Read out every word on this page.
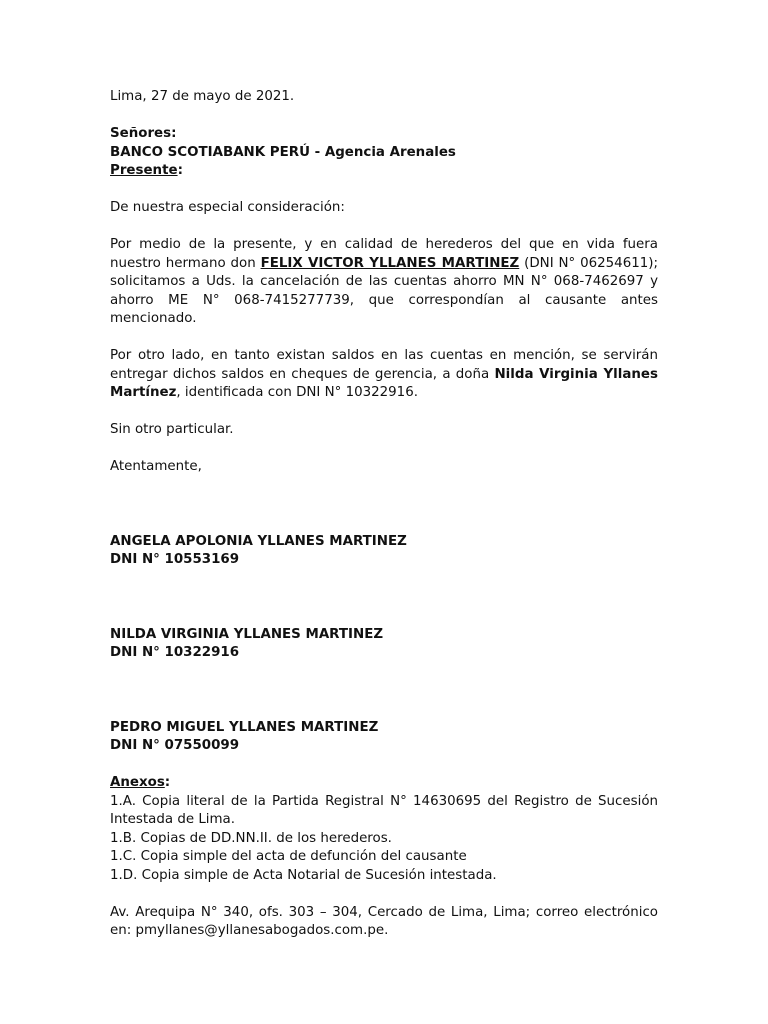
Lima, 27 de mayo de 2021.

Señores:

BANCO SCOTIABANK PERÚ - Agencia Arenales

Presente:

De nuestra especial consideración:

Por medio de la presente, y en calidad de herederos del que en vida fuera nuestro hermano don FELIX VICTOR YLLANES MARTINEZ (DNI N° 06254611); solicitamos a Uds. la cancelación de las cuentas ahorro MN N° 068-7462697 y ahorro ME N° 068-7415277739, que correspondían al causante antes mencionado.

Por otro lado, en tanto existan saldos en las cuentas en mención, se servirán entregar dichos saldos en cheques de gerencia, a doña Nilda Virginia Yllanes Martínez, identificada con DNI N° 10322916.

Sin otro particular.

Atentamente,

ANGELA APOLONIA YLLANES MARTINEZ

DNI N° 10553169

NILDA VIRGINIA YLLANES MARTINEZ

DNI N° 10322916

PEDRO MIGUEL YLLANES MARTINEZ

DNI N° 07550099

Anexos:

1.A. Copia literal de la Partida Registral N° 14630695 del Registro de Sucesión Intestada de Lima.

1.B. Copias de DD.NN.II. de los herederos.

1.C. Copia simple del acta de defunción del causante

1.D. Copia simple de Acta Notarial de Sucesión intestada.

Av. Arequipa N° 340, ofs. 303 – 304, Cercado de Lima, Lima; correo electrónico en: pmyllanes@yllanesabogados.com.pe.
